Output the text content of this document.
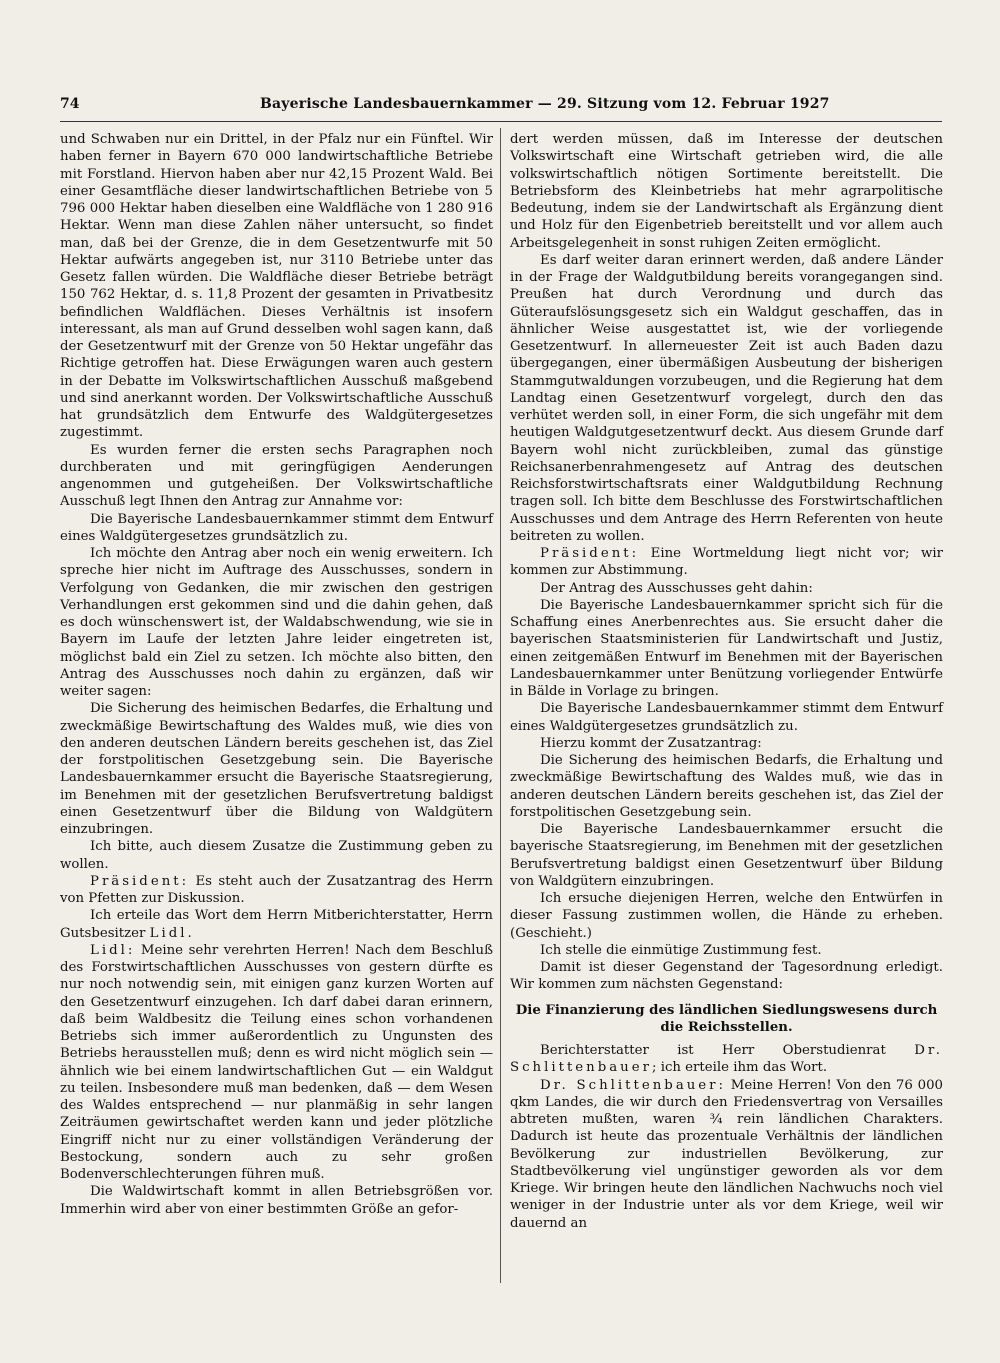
74	Bayerische Landesbauernkammer — 29. Sitzung vom 12. Februar 1927

und Schwaben nur ein Drittel, in der Pfalz nur ein Fünftel. Wir haben ferner in Bayern 670 000 landwirtschaftliche Betriebe mit Forstland. Hiervon haben aber nur 42,15 Prozent Wald. Bei einer Gesamtfläche dieser landwirtschaftlichen Betriebe von 5 796 000 Hektar haben dieselben eine Waldfläche von 1 280 916 Hektar. Wenn man diese Zahlen näher untersucht, so findet man, daß bei der Grenze, die in dem Gesetzentwurfe mit 50 Hektar aufwärts angegeben ist, nur 3110 Betriebe unter das Gesetz fallen würden. Die Waldfläche dieser Betriebe beträgt 150 762 Hektar, d. s. 11,8 Prozent der gesamten in Privatbesitz befindlichen Waldflächen. Dieses Verhältnis ist insofern interessant, als man auf Grund desselben wohl sagen kann, daß der Gesetzentwurf mit der Grenze von 50 Hektar ungefähr das Richtige getroffen hat. Diese Erwägungen waren auch gestern in der Debatte im Volkswirtschaftlichen Ausschuß maßgebend und sind anerkannt worden. Der Volkswirtschaftliche Ausschuß hat grundsätzlich dem Entwurfe des Waldgütergesetzes zugestimmt.

Es wurden ferner die ersten sechs Paragraphen noch durchberaten und mit geringfügigen Aenderungen angenommen und gutgeheißen. Der Volkswirtschaftliche Ausschuß legt Ihnen den Antrag zur Annahme vor:

Die Bayerische Landesbauernkammer stimmt dem Entwurf eines Waldgütergesetzes grundsätzlich zu.

Ich möchte den Antrag aber noch ein wenig erweitern. Ich spreche hier nicht im Auftrage des Ausschusses, sondern in Verfolgung von Gedanken, die mir zwischen den gestrigen Verhandlungen erst gekommen sind und die dahin gehen, daß es doch wünschenswert ist, der Waldabschwendung, wie sie in Bayern im Laufe der letzten Jahre leider eingetreten ist, möglichst bald ein Ziel zu setzen. Ich möchte also bitten, den Antrag des Ausschusses noch dahin zu ergänzen, daß wir weiter sagen:

Die Sicherung des heimischen Bedarfes, die Erhaltung und zweckmäßige Bewirtschaftung des Waldes muß, wie dies von den anderen deutschen Ländern bereits geschehen ist, das Ziel der forstpolitischen Gesetzgebung sein. Die Bayerische Landesbauernkammer ersucht die Bayerische Staatsregierung, im Benehmen mit der gesetzlichen Berufsvertretung baldigst einen Gesetzentwurf über die Bildung von Waldgütern einzubringen.

Ich bitte, auch diesem Zusatze die Zustimmung geben zu wollen.

Präsident: Es steht auch der Zusatzantrag des Herrn von Pfetten zur Diskussion.

Ich erteile das Wort dem Herrn Mitberichterstatter, Herrn Gutsbesitzer Lidl.

Lidl: Meine sehr verehrten Herren! Nach dem Beschluß des Forstwirtschaftlichen Ausschusses von gestern dürfte es nur noch notwendig sein, mit einigen ganz kurzen Worten auf den Gesetzentwurf einzugehen. Ich darf dabei daran erinnern, daß beim Waldbesitz die Teilung eines schon vorhandenen Betriebs sich immer außerordentlich zu Ungunsten des Betriebs herausstellen muß; denn es wird nicht möglich sein — ähnlich wie bei einem landwirtschaftlichen Gut — ein Waldgut zu teilen. Insbesondere muß man bedenken, daß — dem Wesen des Waldes entsprechend — nur planmäßig in sehr langen Zeiträumen gewirtschaftet werden kann und jeder plötzliche Eingriff nicht nur zu einer vollständigen Veränderung der Bestockung, sondern auch zu sehr großen Bodenverschlechterungen führen muß.

Die Waldwirtschaft kommt in allen Betriebsgrößen vor. Immerhin wird aber von einer bestimmten Größe an gefor-

dert werden müssen, daß im Interesse der deutschen Volkswirtschaft eine Wirtschaft getrieben wird, die alle volkswirtschaftlich nötigen Sortimente bereitstellt. Die Betriebsform des Kleinbetriebs hat mehr agrarpolitische Bedeutung, indem sie der Landwirtschaft als Ergänzung dient und Holz für den Eigenbetrieb bereitstellt und vor allem auch Arbeitsgelegenheit in sonst ruhigen Zeiten ermöglicht.

Es darf weiter daran erinnert werden, daß andere Länder in der Frage der Waldgutbildung bereits vorangegangen sind. Preußen hat durch Verordnung und durch das Güteraufslösungsgesetz sich ein Waldgut geschaffen, das in ähnlicher Weise ausgestattet ist, wie der vorliegende Gesetzentwurf. In allerneuester Zeit ist auch Baden dazu übergegangen, einer übermäßigen Ausbeutung der bisherigen Stammgutwaldungen vorzubeugen, und die Regierung hat dem Landtag einen Gesetzentwurf vorgelegt, durch den das verhütet werden soll, in einer Form, die sich ungefähr mit dem heutigen Waldgutgesetzentwurf deckt. Aus diesem Grunde darf Bayern wohl nicht zurückbleiben, zumal das günstige Reichsanerbenrahmengesetz auf Antrag des deutschen Reichsforstwirtschaftsrats einer Waldgutbildung Rechnung tragen soll. Ich bitte dem Beschlusse des Forstwirtschaftlichen Ausschusses und dem Antrage des Herrn Referenten von heute beitreten zu wollen.

Präsident: Eine Wortmeldung liegt nicht vor; wir kommen zur Abstimmung.

Der Antrag des Ausschusses geht dahin:

Die Bayerische Landesbauernkammer spricht sich für die Schaffung eines Anerbenrechtes aus. Sie ersucht daher die bayerischen Staatsministerien für Landwirtschaft und Justiz, einen zeitgemäßen Entwurf im Benehmen mit der Bayerischen Landesbauernkammer unter Benützung vorliegender Entwürfe in Bälde in Vorlage zu bringen.

Die Bayerische Landesbauernkammer stimmt dem Entwurf eines Waldgütergesetzes grundsätzlich zu.

Hierzu kommt der Zusatzantrag:

Die Sicherung des heimischen Bedarfs, die Erhaltung und zweckmäßige Bewirtschaftung des Waldes muß, wie das in anderen deutschen Ländern bereits geschehen ist, das Ziel der forstpolitischen Gesetzgebung sein.

Die Bayerische Landesbauernkammer ersucht die bayerische Staatsregierung, im Benehmen mit der gesetzlichen Berufsvertretung baldigst einen Gesetzentwurf über Bildung von Waldgütern einzubringen.

Ich ersuche diejenigen Herren, welche den Entwürfen in dieser Fassung zustimmen wollen, die Hände zu erheben. (Geschieht.)

Ich stelle die einmütige Zustimmung fest.

Damit ist dieser Gegenstand der Tagesordnung erledigt. Wir kommen zum nächsten Gegenstand:

Die Finanzierung des ländlichen Siedlungswesens durch die Reichsstellen.

Berichterstatter ist Herr Oberstudienrat Dr. Schlittenbauer; ich erteile ihm das Wort.

Dr. Schlittenbauer: Meine Herren! Von den 76 000 qkm Landes, die wir durch den Friedensvertrag von Versailles abtreten mußten, waren ¾ rein ländlichen Charakters. Dadurch ist heute das prozentuale Verhältnis der ländlichen Bevölkerung zur industriellen Bevölkerung, zur Stadtbevölkerung viel ungünstiger geworden als vor dem Kriege. Wir bringen heute den ländlichen Nachwuchs noch viel weniger in der Industrie unter als vor dem Kriege, weil wir dauernd an
